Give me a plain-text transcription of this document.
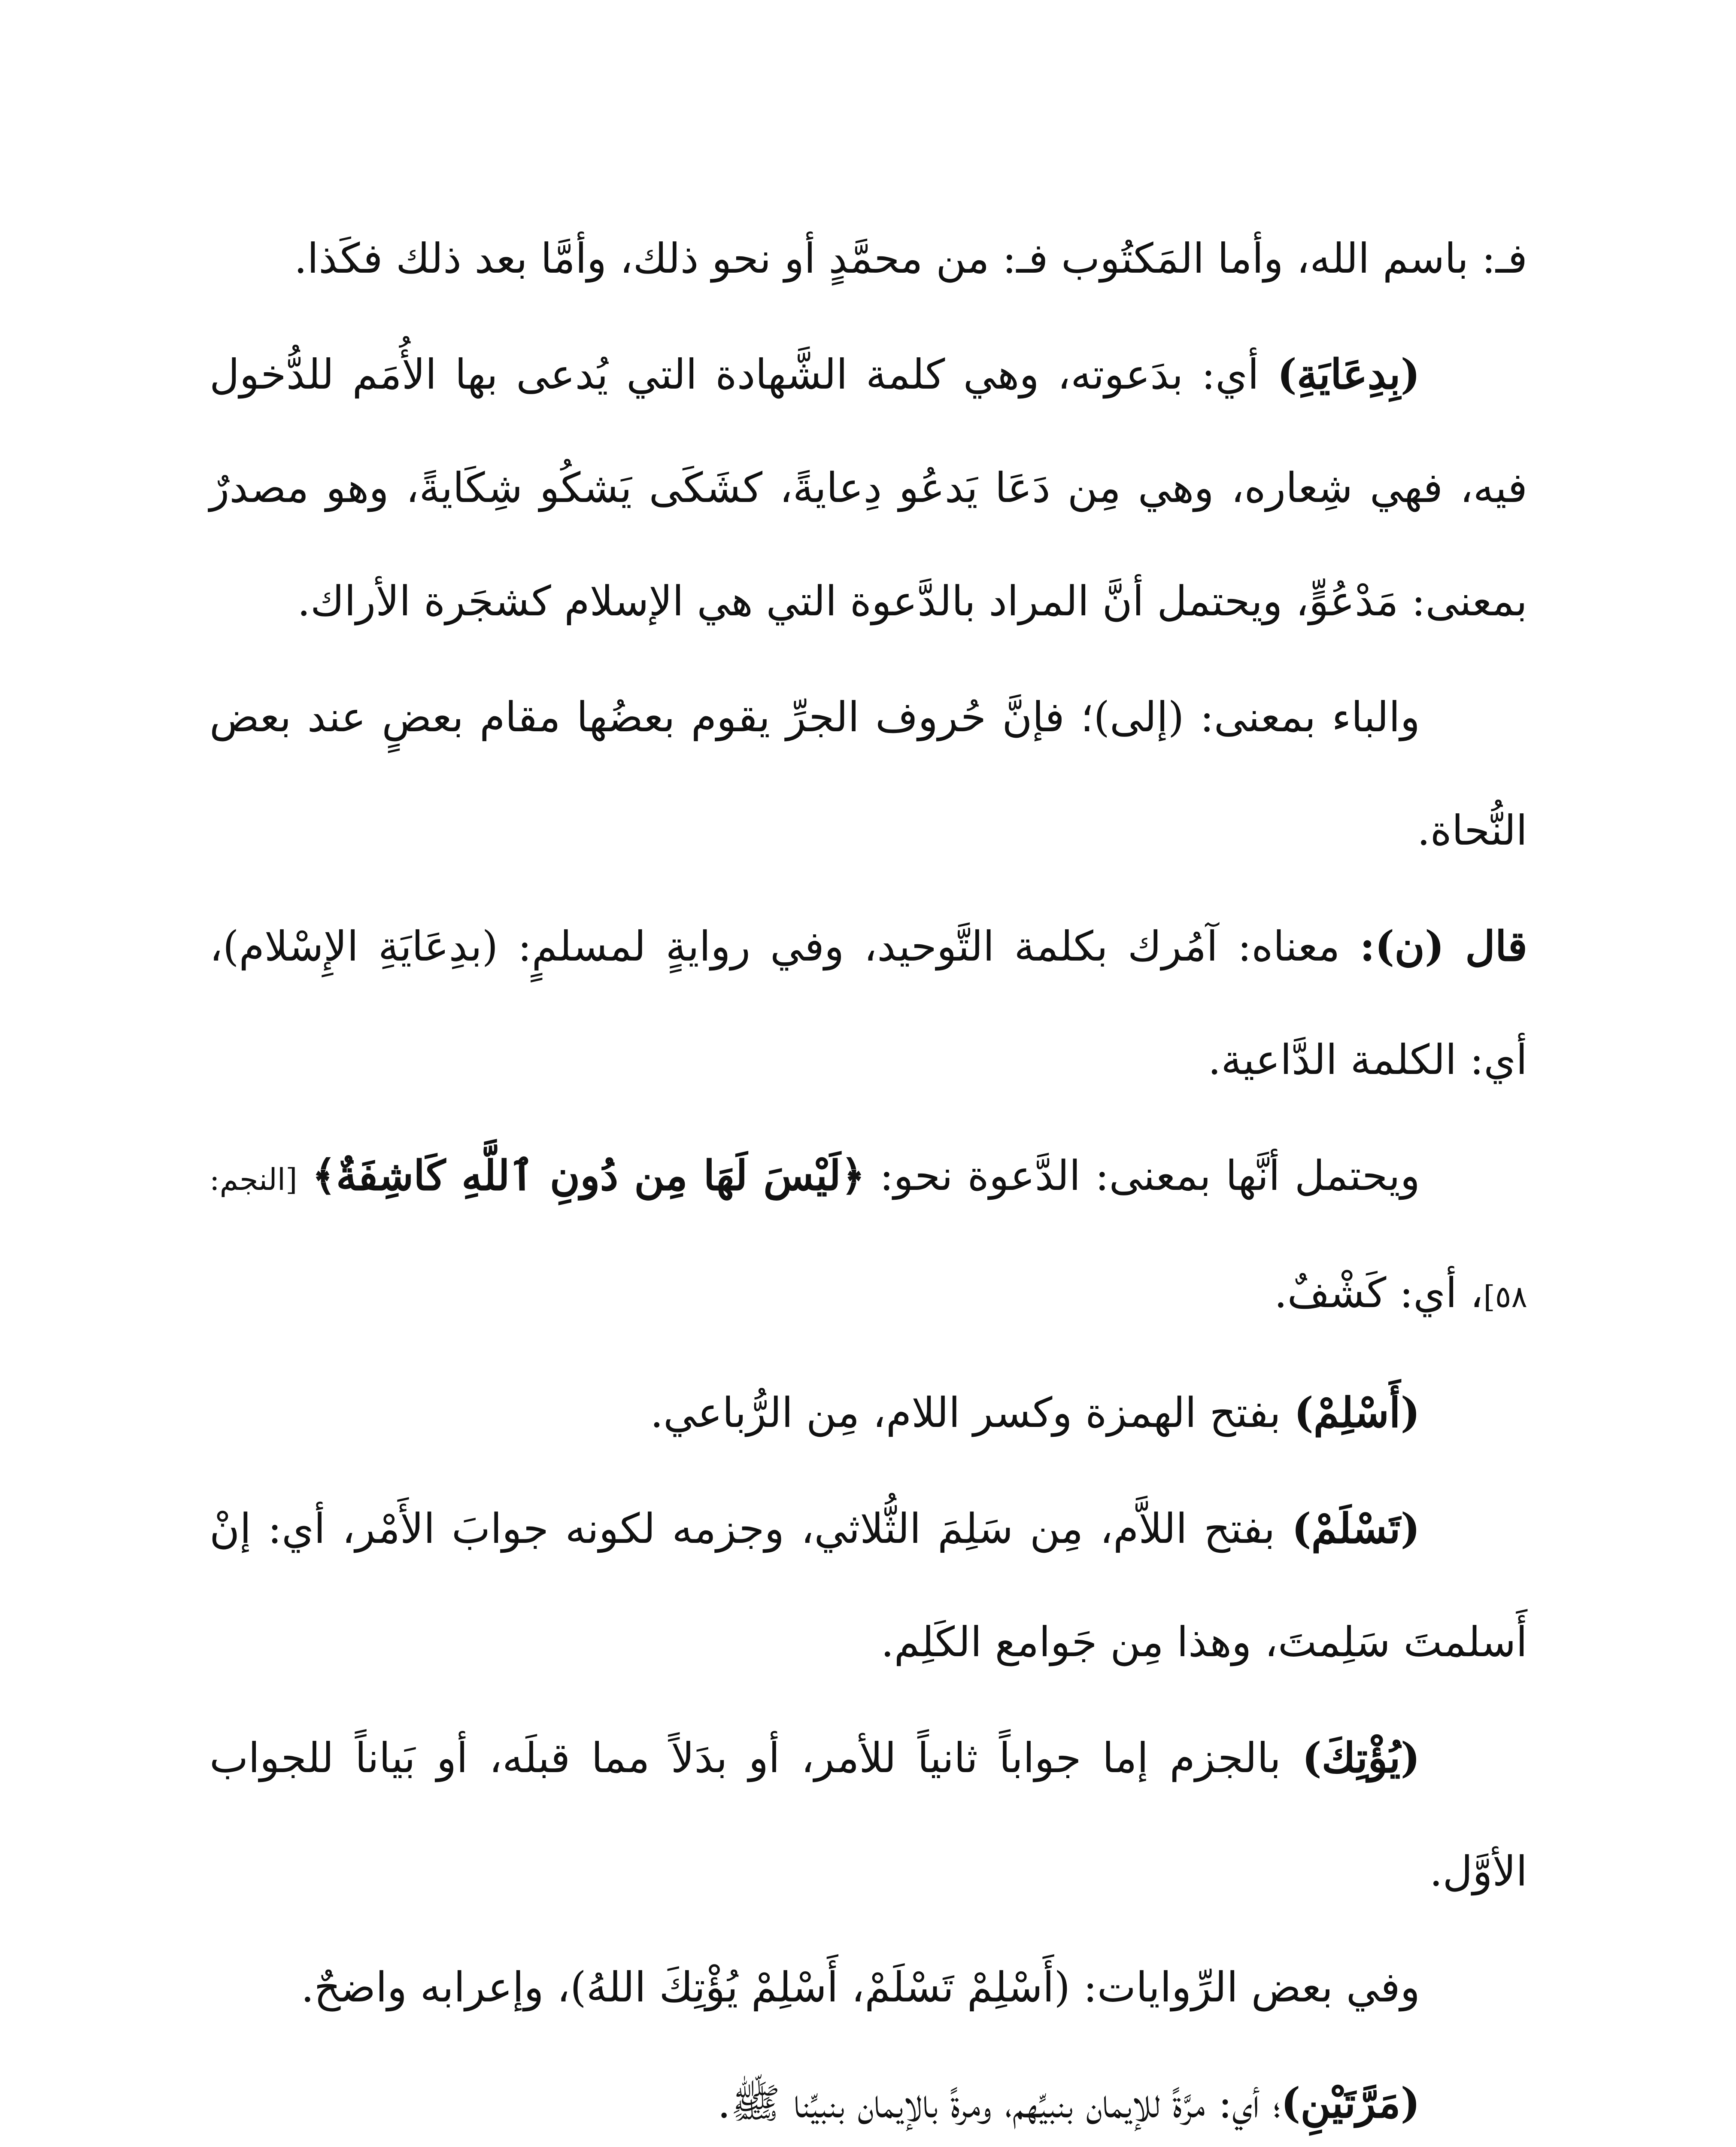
ف‍ـ: باسم الله، وأما المَكتُوب ف‍ـ: من محمَّدٍ أو نحو ذلك، وأمَّا بعد ذلك فكَذا.

(بِدِعَايَةِ) أي: بدَعوته، وهي كلمة الشَّهادة التي يُدعى بها الأُمَم للدُّخول فيه، فهي شِعاره، وهي مِن دَعَا يَدعُو دِعايةً، كشَكَى يَشكُو شِكَايةً، وهو مصدرٌ بمعنى: مَدْعُوٍّ، ويحتمل أنَّ المراد بالدَّعوة التي هي الإسلام كشجَرة الأراك.

والباء بمعنى: (إلى)؛ فإنَّ حُروف الجرِّ يقوم بعضُها مقام بعضٍ عند بعض النُّحاة.

قال (ن): معناه: آمُرك بكلمة التَّوحيد، وفي روايةٍ لمسلمٍ: (بدِعَايَةِ الإِسْلام)، أي: الكلمة الدَّاعية.

ويحتمل أنَّها بمعنى: الدَّعوة نحو: ﴿لَيْسَ لَهَا مِن دُونِ ٱللَّهِ كَاشِفَةٌ﴾ [النجم: ٥٨]، أي: كَشْفٌ.

(أَسْلِمْ) بفتح الهمزة وكسر اللام، مِن الرُّباعي.

(تَسْلَمْ) بفتح اللاَّم، مِن سَلِمَ الثُّلاثي، وجزمه لكونه جوابَ الأَمْر، أي: إنْ أَسلمتَ سَلِمتَ، وهذا مِن جَوامع الكَلِم.

(يُؤْتِكَ) بالجزم إما جواباً ثانياً للأمر، أو بدَلاً مما قبلَه، أو بَياناً للجواب الأوَّل.

وفي بعض الرِّوايات: (أَسْلِمْ تَسْلَمْ، أَسْلِمْ يُؤْتِكَ اللهُ)، وإعرابه واضحٌ.

(مَرَّتَيْنِ)؛ أي: مرَّةً للإيمان بنبيِّهم، ومرةً بالإيمان بنبيِّنا ﷺ.
